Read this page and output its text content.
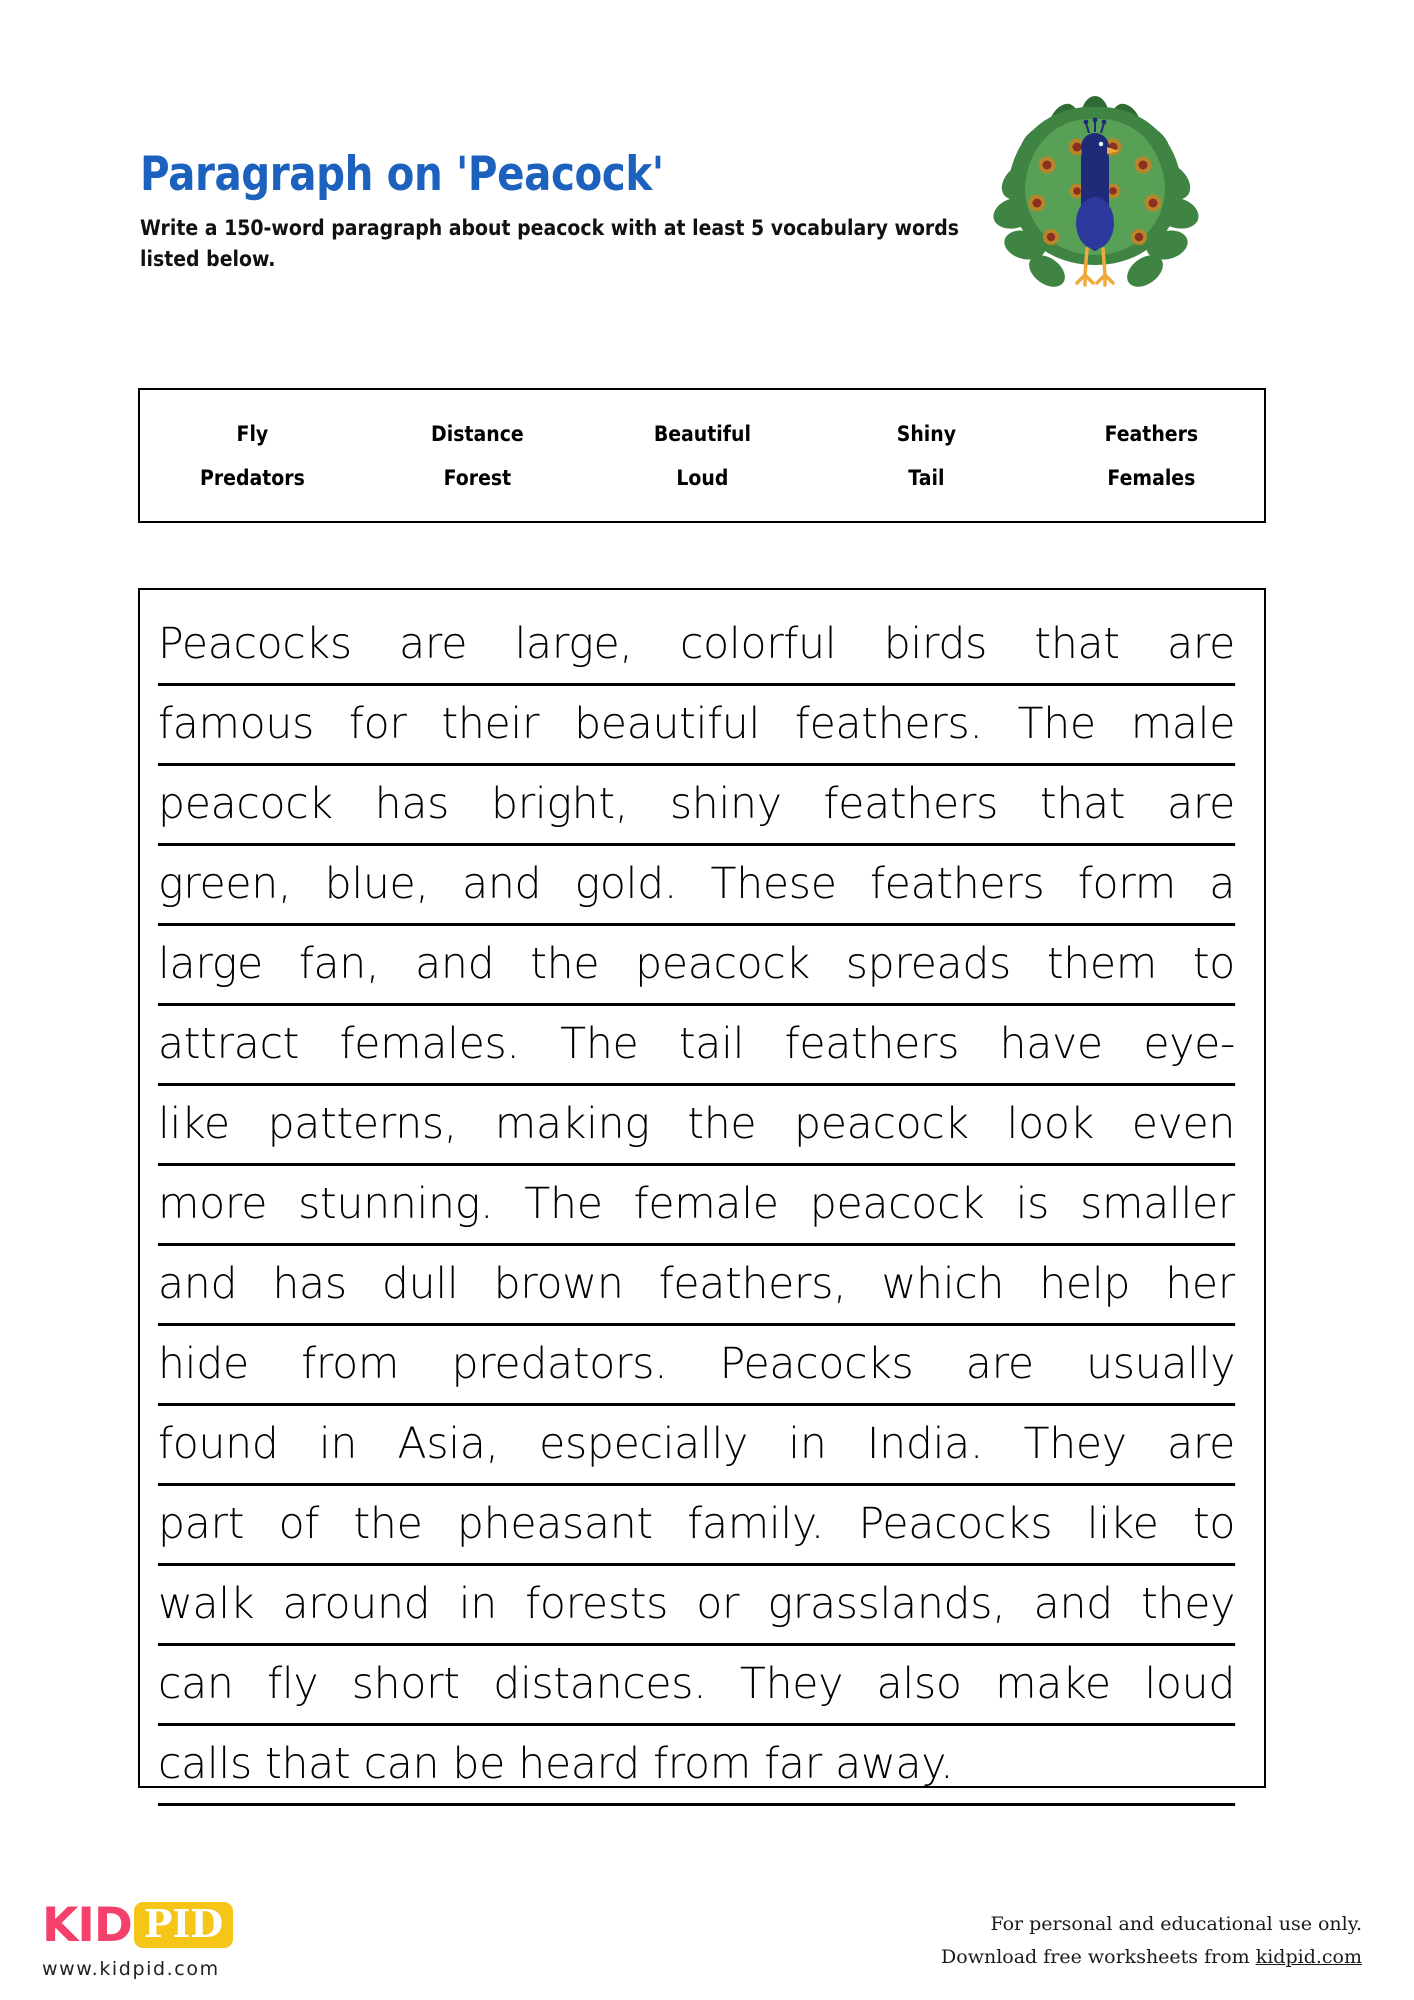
Paragraph on 'Peacock'

Write a 150-word paragraph about peacock with at least 5 vocabulary words listed below.

Fly	Distance	Beautiful	Shiny	Feathers
Predators	Forest	Loud	Tail	Females
Peacocks are large, colorful birds that are
famous for their beautiful feathers. The male
peacock has bright, shiny feathers that are
green, blue, and gold. These feathers form a
large fan, and the peacock spreads them to
attract females. The tail feathers have eye-
like patterns, making the peacock look even
more stunning. The female peacock is smaller
and has dull brown feathers, which help her
hide from predators. Peacocks are usually
found in Asia, especially in India. They are
part of the pheasant family. Peacocks like to
walk around in forests or grasslands, and they
can fly short distances. They also make loud
calls
that
can
be
heard
from
far
away.
KID PID
www.kidpid.com
For personal and educational use only.
Download free worksheets from kidpid.com
